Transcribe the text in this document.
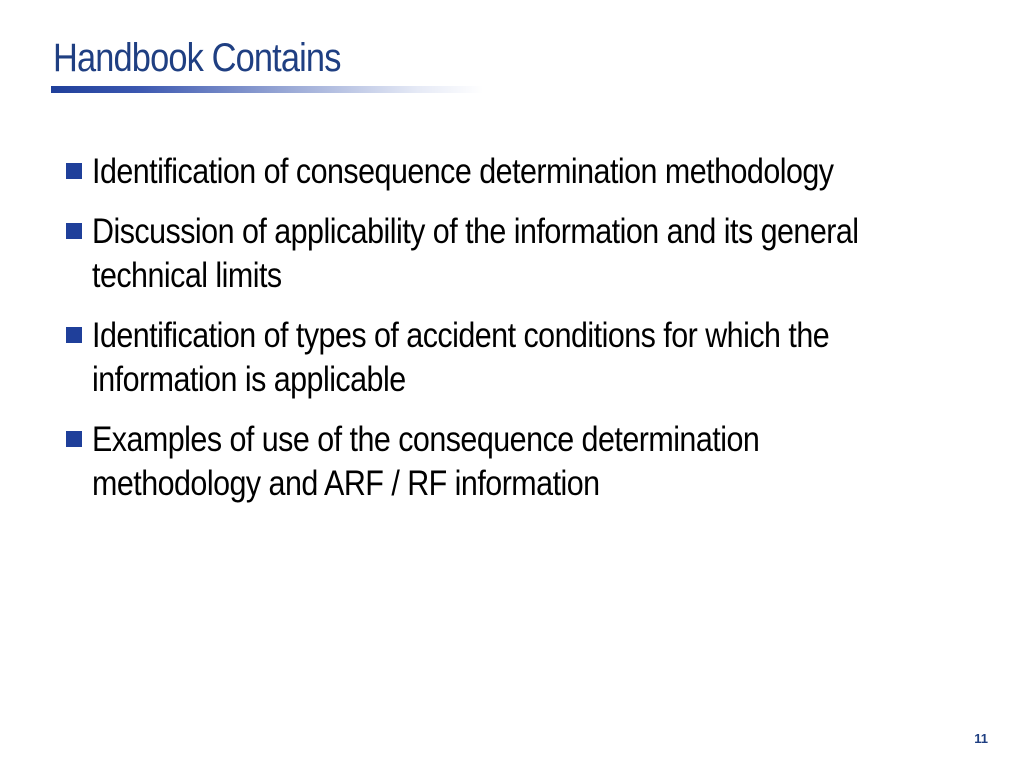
Handbook Contains
Identification of consequence determination methodology
Discussion of applicability of the information and its general technical limits
Identification of types of accident conditions for which the information is applicable
Examples of use of the consequence determination methodology and ARF / RF information
11
